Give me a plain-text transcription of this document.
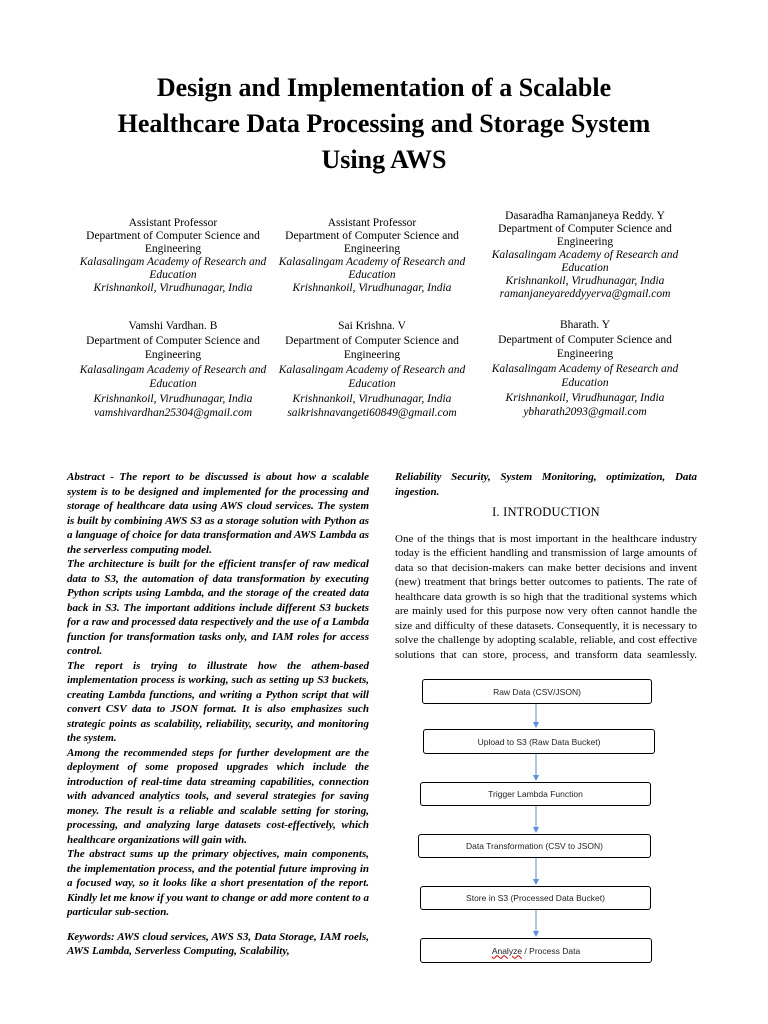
Design and Implementation of a Scalable
Healthcare Data Processing and Storage System
Using AWS
Assistant Professor
Department of Computer Science and Engineering
Kalasalingam Academy of Research and Education
Krishnankoil, Virudhunagar, India
Assistant Professor
Department of Computer Science and Engineering
Kalasalingam Academy of Research and Education
Krishnankoil, Virudhunagar, India
Dasaradha Ramanjaneya Reddy. Y
Department of Computer Science and Engineering
Kalasalingam Academy of Research and Education
Krishnankoil, Virudhunagar, India
ramanjaneyareddyyerva@gmail.com
Vamshi Vardhan. B
Department of Computer Science and Engineering
Kalasalingam Academy of Research and Education
Krishnankoil, Virudhunagar, India
vamshivardhan25304@gmail.com
Sai Krishna. V
Department of Computer Science and Engineering
Kalasalingam Academy of Research and Education
Krishnankoil, Virudhunagar, India
saikrishnavangeti60849@gmail.com
Bharath. Y
Department of Computer Science and Engineering
Kalasalingam Academy of Research and Education
Krishnankoil, Virudhunagar, India
ybharath2093@gmail.com

Abstract - The report to be discussed is about how a scalable system is to be designed and implemented for the processing and storage of healthcare data using AWS cloud services. The system is built by combining AWS S3 as a storage solution with Python as a language of choice for data transformation and AWS Lambda as the serverless computing model.

The architecture is built for the efficient transfer of raw medical data to S3, the automation of data transformation by executing Python scripts using Lambda, and the storage of the created data back in S3. The important additions include different S3 buckets for a raw and processed data respectively and the use of a Lambda function for transformation tasks only, and IAM roles for access control.

The report is trying to illustrate how the athem-based implementation process is working, such as setting up S3 buckets, creating Lambda functions, and writing a Python script that will convert CSV data to JSON format. It is also emphasizes such strategic points as scalability, reliability, security, and monitoring the system.

Among the recommended steps for further development are the deployment of some proposed upgrades which include the introduction of real-time data streaming capabilities, connection with advanced analytics tools, and several strategies for saving money. The result is a reliable and scalable setting for storing, processing, and analyzing large datasets cost-effectively, which healthcare organizations will gain with.

The abstract sums up the primary objectives, main components, the implementation process, and the potential future improving in a focused way, so it looks like a short presentation of the report. Kindly let me know if you want to change or add more content to a particular sub-section.

Keywords: AWS cloud services, AWS S3, Data Storage, IAM roels, AWS Lambda, Serverless Computing, Scalability,

Reliability Security, System Monitoring, optimization, Data ingestion.

I. INTRODUCTION

One of the things that is most important in the healthcare industry today is the efficient handling and transmission of large amounts of data so that decision-makers can make better decisions and invent (new) treatment that brings better outcomes to patients. The rate of healthcare data growth is so high that the traditional systems which are mainly used for this purpose now very often cannot handle the size and difficulty of these datasets. Consequently, it is necessary to solve the challenge by adopting scalable, reliable, and cost effective solutions that can store, process, and transform data seamlessly.

Raw Data (CSV/JSON)
Upload to S3 (Raw Data Bucket)
Trigger Lambda Function
Data Transformation (CSV to JSON)
Store in S3 (Processed Data Bucket)
Analyze / Process Data
